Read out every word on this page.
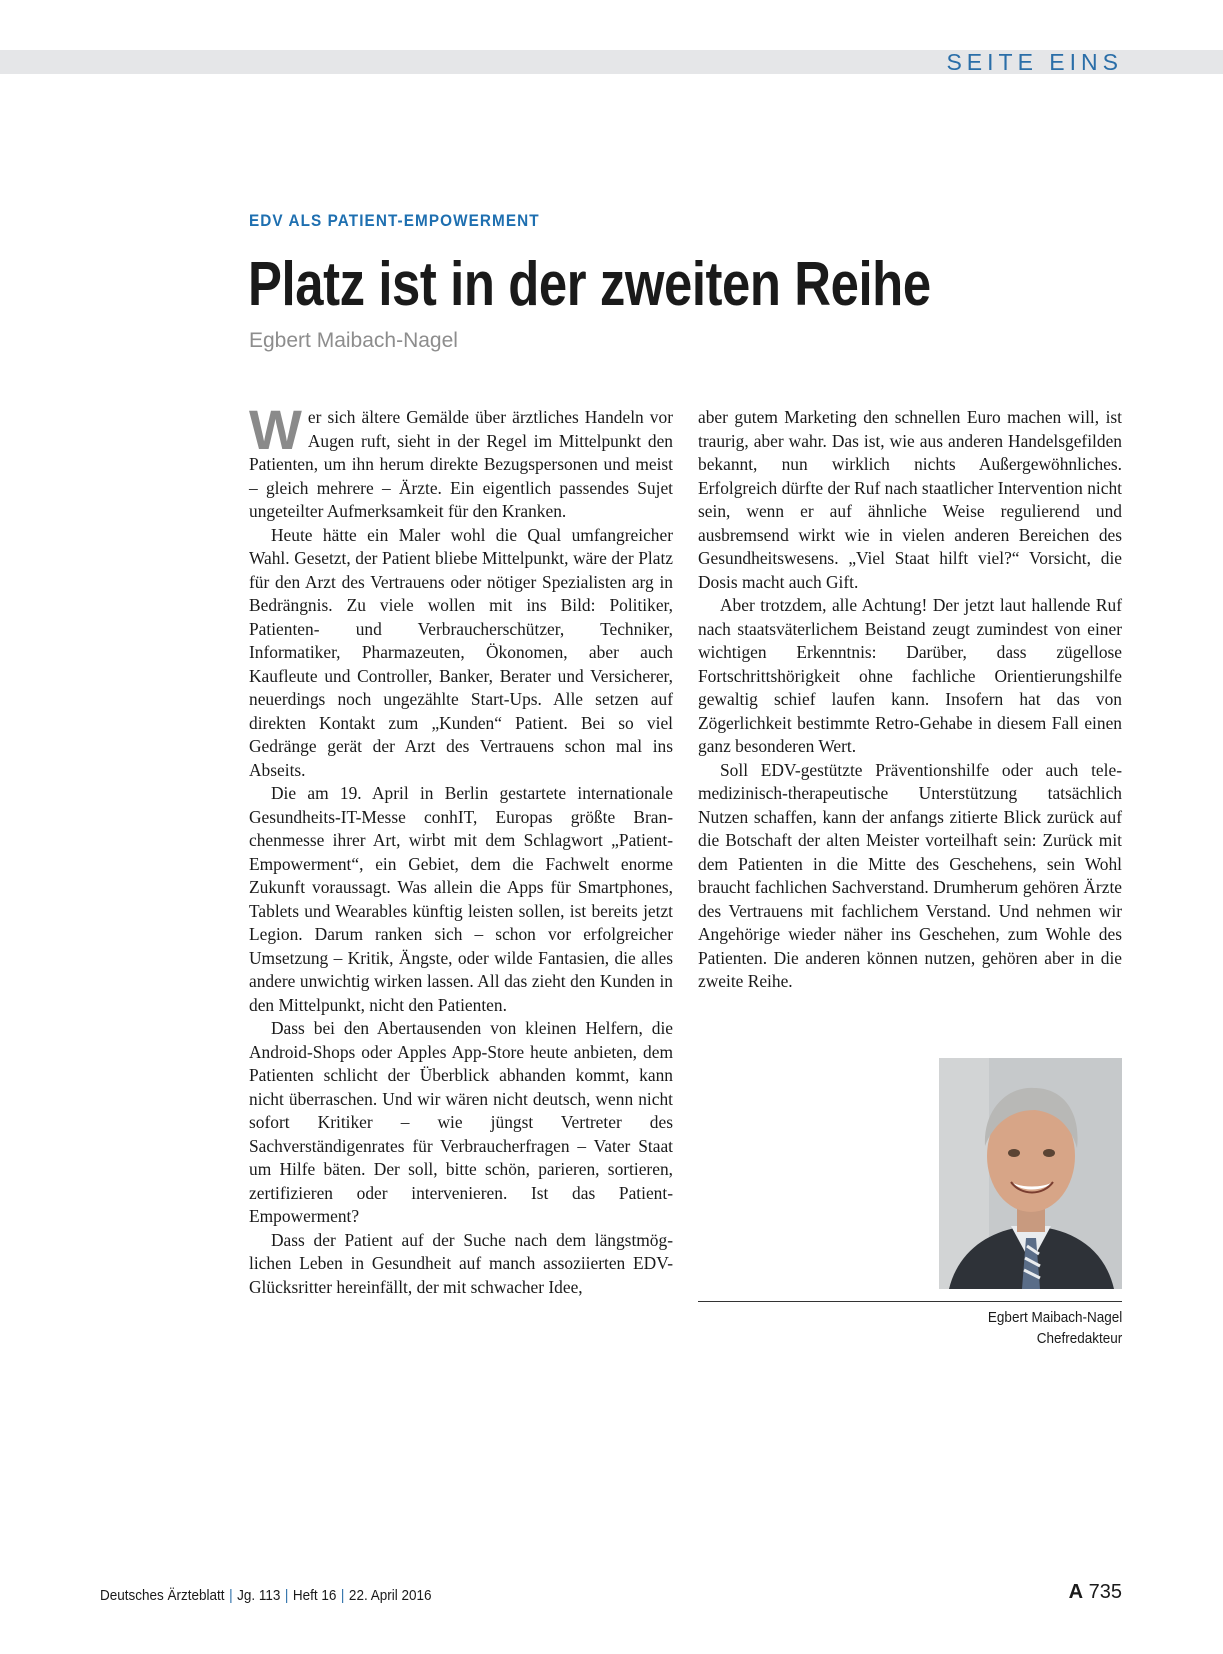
SEITE EINS
EDV ALS PATIENT-EMPOWERMENT
Platz ist in der zweiten Reihe
Egbert Maibach-Nagel

Wer sich ältere Gemälde über ärztliches Handeln vor Augen ruft, sieht in der Regel im Mittelpunkt den Patienten, um ihn herum direkte Bezugspersonen und meist – gleich mehrere – Ärzte. Ein eigentlich passendes Sujet ungeteilter Aufmerksamkeit für den Kranken.

Heute hätte ein Maler wohl die Qual umfangreicher Wahl. Gesetzt, der Patient bliebe Mittelpunkt, wäre der Platz für den Arzt des Vertrauens oder nötiger Spezialisten arg in Bedrängnis. Zu viele wollen mit ins Bild: Politiker, Patienten- und Verbraucherschützer, Techniker, Informatiker, Pharmazeuten, Ökonomen, aber auch Kaufleute und Controller, Banker, Berater und Versicherer, neuerdings noch ungezählte Start-Ups. Alle setzen auf direkten Kontakt zum „Kunden“ Patient. Bei so viel Gedränge gerät der Arzt des Vertrauens schon mal ins Abseits.

Die am 19. April in Berlin gestartete internationale Gesundheits-IT-Messe conhIT, Europas größte Branchenmesse ihrer Art, wirbt mit dem Schlagwort „Patient-Empowerment“, ein Gebiet, dem die Fachwelt enorme Zukunft voraussagt. Was allein die Apps für Smartphones, Tablets und Wearables künftig leisten sollen, ist bereits jetzt Legion. Darum ranken sich – schon vor erfolgreicher Umsetzung – Kritik, Ängste, oder wilde Fantasien, die alles andere unwichtig wirken lassen. All das zieht den Kunden in den Mittelpunkt, nicht den Patienten.

Dass bei den Abertausenden von kleinen Helfern, die Android-Shops oder Apples App-Store heute anbieten, dem Patienten schlicht der Überblick abhanden kommt, kann nicht überraschen. Und wir wären nicht deutsch, wenn nicht sofort Kritiker – wie jüngst Vertreter des Sachverständigenrates für Verbraucherfragen – Vater Staat um Hilfe bäten. Der soll, bitte schön, parieren, sortieren, zertifizieren oder intervenieren. Ist das Patient-Empowerment?

Dass der Patient auf der Suche nach dem längstmöglichen Leben in Gesundheit auf manch assoziierten EDV-Glücksritter hereinfällt, der mit schwacher Idee,

aber gutem Marketing den schnellen Euro machen will, ist traurig, aber wahr. Das ist, wie aus anderen Handelsgefilden bekannt, nun wirklich nichts Außergewöhnliches. Erfolgreich dürfte der Ruf nach staatlicher Intervention nicht sein, wenn er auf ähnliche Weise regulierend und ausbremsend wirkt wie in vielen anderen Bereichen des Gesundheitswesens. „Viel Staat hilft viel?“ Vorsicht, die Dosis macht auch Gift.

Aber trotzdem, alle Achtung! Der jetzt laut hallende Ruf nach staatsväterlichem Beistand zeugt zumindest von einer wichtigen Erkenntnis: Darüber, dass zügellose Fortschrittshörigkeit ohne fachliche Orientierungshilfe gewaltig schief laufen kann. Insofern hat das von Zögerlichkeit bestimmte Retro-Gehabe in diesem Fall einen ganz besonderen Wert.

Soll EDV-gestützte Präventionshilfe oder auch telemedizinisch-therapeutische Unterstützung tatsächlich Nutzen schaffen, kann der anfangs zitierte Blick zurück auf die Botschaft der alten Meister vorteilhaft sein: Zurück mit dem Patienten in die Mitte des Geschehens, sein Wohl braucht fachlichen Sachverstand. Drumherum gehören Ärzte des Vertrauens mit fachlichem Verstand. Und nehmen wir Angehörige wieder näher ins Geschehen, zum Wohle des Patienten. Die anderen können nutzen, gehören aber in die zweite Reihe.

Egbert Maibach-Nagel
Chefredakteur
Deutsches Ärzteblatt | Jg. 113 | Heft 16 | 22. April 2016	A 735
